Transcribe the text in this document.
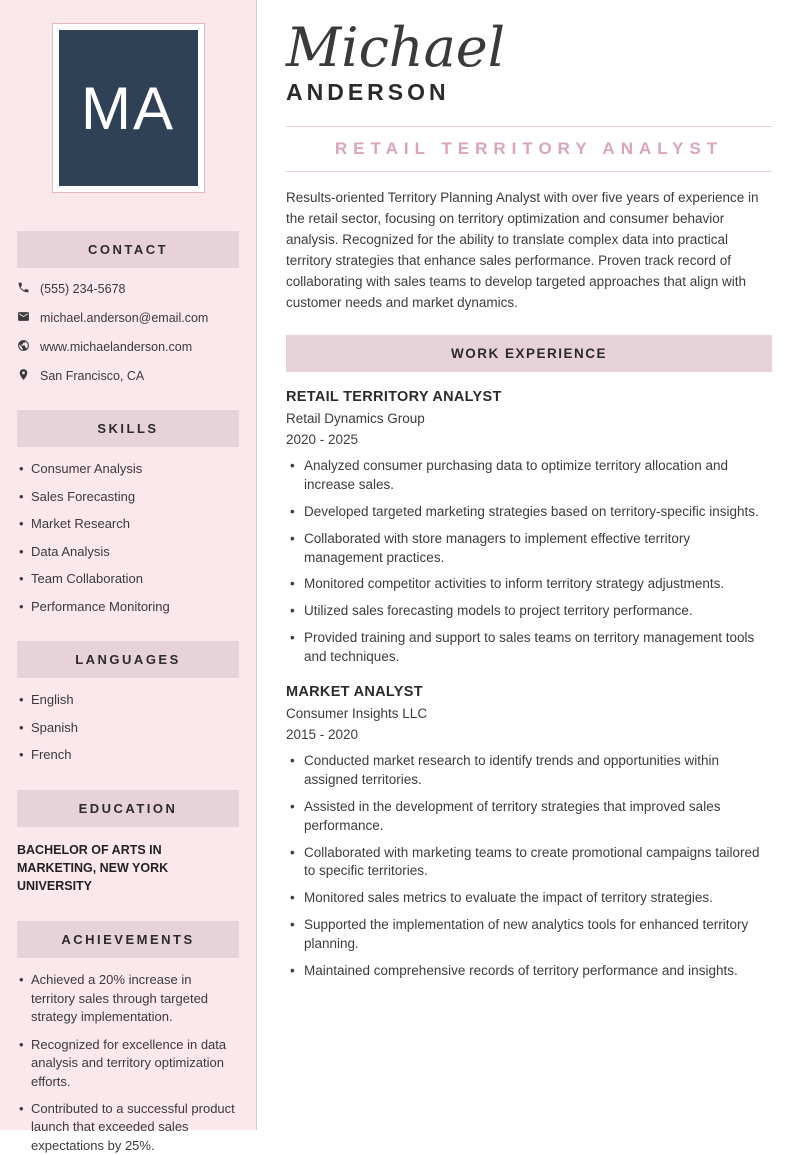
MA
CONTACT
(555) 234-5678
michael.anderson@email.com
www.michaelanderson.com
San Francisco, CA
SKILLS
• Consumer Analysis
• Sales Forecasting
• Market Research
• Data Analysis
• Team Collaboration
• Performance Monitoring
LANGUAGES
• English
• Spanish
• French
EDUCATION
BACHELOR OF ARTS IN MARKETING, NEW YORK UNIVERSITY
ACHIEVEMENTS
• Achieved a 20% increase in territory sales through targeted strategy implementation.
• Recognized for excellence in data analysis and territory optimization efforts.
• Contributed to a successful product launch that exceeded sales expectations by 25%.
Michael
ANDERSON
RETAIL TERRITORY ANALYST

Results-oriented Territory Planning Analyst with over five years of experience in the retail sector, focusing on territory optimization and consumer behavior analysis. Recognized for the ability to translate complex data into practical territory strategies that enhance sales performance. Proven track record of collaborating with sales teams to develop targeted approaches that align with customer needs and market dynamics.

WORK EXPERIENCE
RETAIL TERRITORY ANALYST
Retail Dynamics Group
2020 - 2025
• Analyzed consumer purchasing data to optimize territory allocation and increase sales.
• Developed targeted marketing strategies based on territory-specific insights.
• Collaborated with store managers to implement effective territory management practices.
• Monitored competitor activities to inform territory strategy adjustments.
• Utilized sales forecasting models to project territory performance.
• Provided training and support to sales teams on territory management tools and techniques.
MARKET ANALYST
Consumer Insights LLC
2015 - 2020
• Conducted market research to identify trends and opportunities within assigned territories.
• Assisted in the development of territory strategies that improved sales performance.
• Collaborated with marketing teams to create promotional campaigns tailored to specific territories.
• Monitored sales metrics to evaluate the impact of territory strategies.
• Supported the implementation of new analytics tools for enhanced territory planning.
• Maintained comprehensive records of territory performance and insights.
